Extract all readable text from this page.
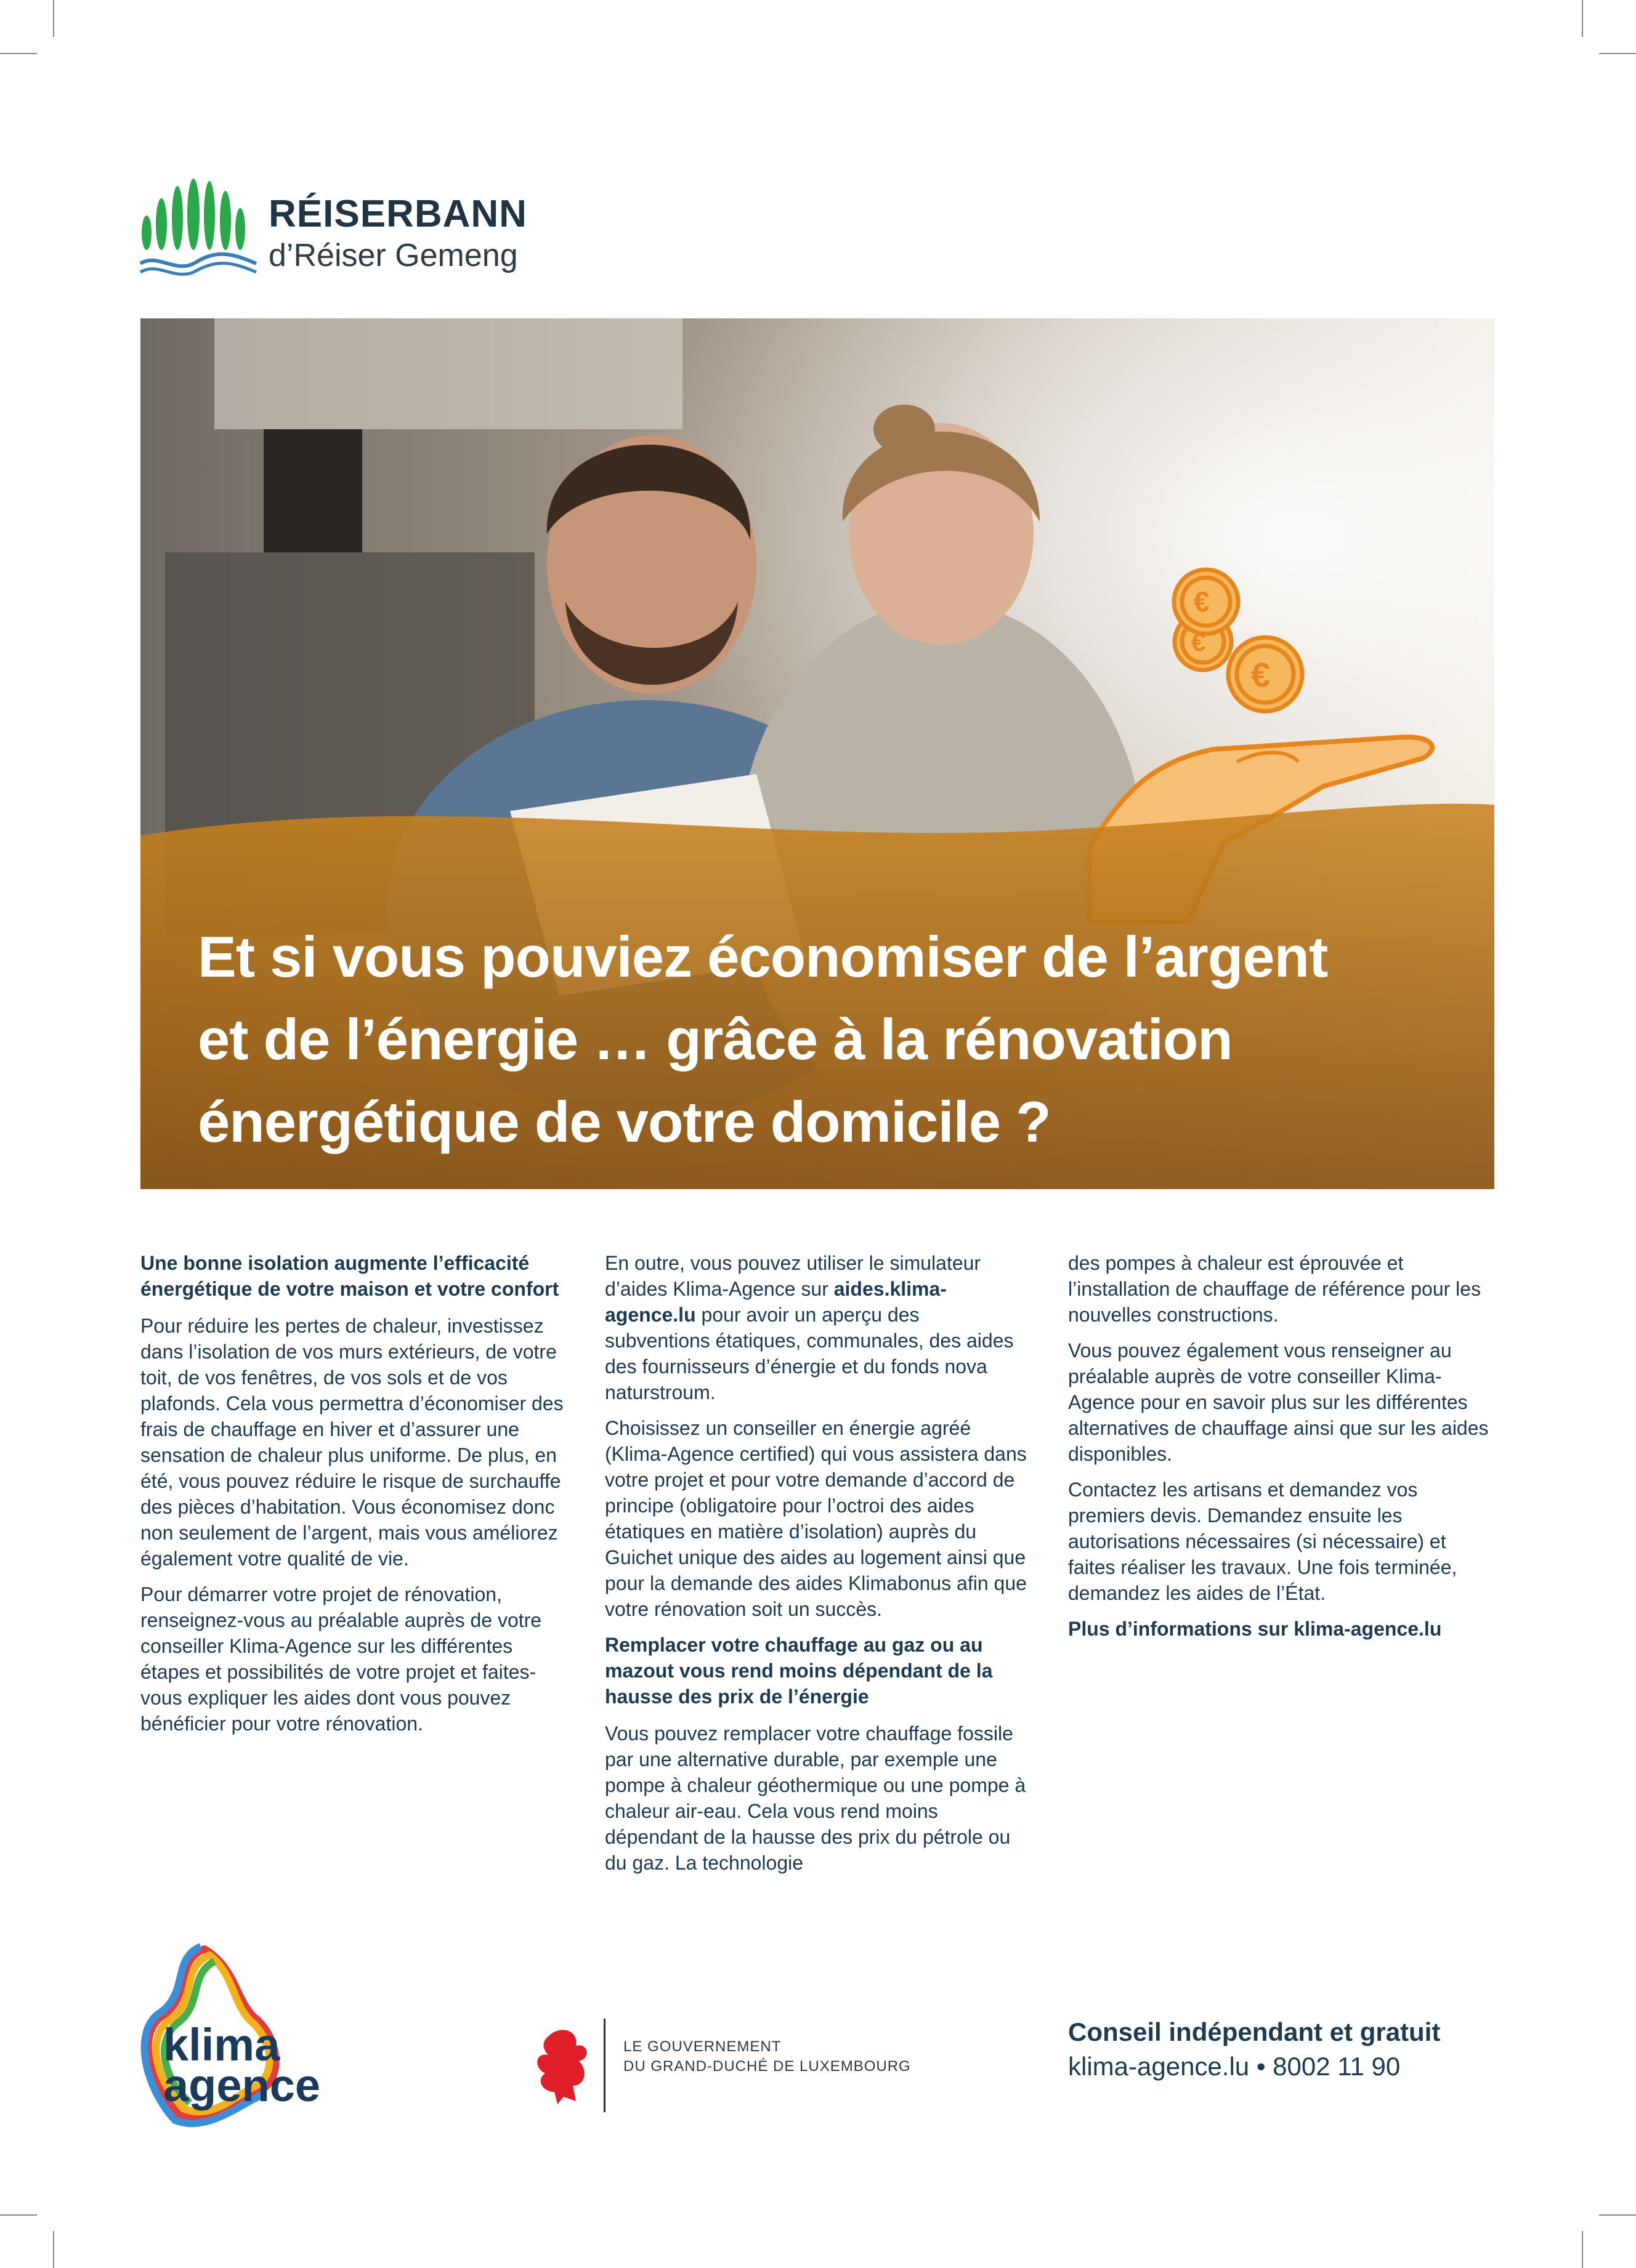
RÉISERBANN
d’Réiser Gemeng
€
€
€
Et si vous pouviez économiser de l’argent
et de l’énergie … grâce à la rénovation
énergétique de votre domicile ?

Une bonne isolation augmente l’efficacité énergétique de votre maison et votre confort

Pour réduire les pertes de chaleur, investissez dans l’isolation de vos murs extérieurs, de votre toit, de vos fenêtres, de vos sols et de vos plafonds. Cela vous permettra d’économiser des frais de chauffage en hiver et d’assurer une sensation de chaleur plus uniforme. De plus, en été, vous pouvez réduire le risque de surchauffe des pièces d’habitation. Vous économisez donc non seulement de l’argent, mais vous améliorez également votre qualité de vie.

Pour démarrer votre projet de rénovation, renseignez-vous au préalable auprès de votre conseiller Klima-Agence sur les différentes étapes et possibilités de votre projet et faites-vous expliquer les aides dont vous pouvez bénéficier pour votre rénovation.

En outre, vous pouvez utiliser le simulateur d’aides Klima-Agence sur aides.klima-agence.lu pour avoir un aperçu des subventions étatiques, communales, des aides des fournisseurs d’énergie et du fonds nova naturstroum.

Choisissez un conseiller en énergie agréé (Klima-Agence certified) qui vous assistera dans votre projet et pour votre demande d’accord de principe (obligatoire pour l’octroi des aides étatiques en matière d’isolation) auprès du Guichet unique des aides au logement ainsi que pour la demande des aides Klimabonus afin que votre rénovation soit un succès.

Remplacer votre chauffage au gaz ou au mazout vous rend moins dépendant de la hausse des prix de l’énergie

Vous pouvez remplacer votre chauffage fossile par une alternative durable, par exemple une pompe à chaleur géothermique ou une pompe à chaleur air-eau. Cela vous rend moins dépendant de la hausse des prix du pétrole ou du gaz. La technologie

des pompes à chaleur est éprouvée et l’installation de chauffage de référence pour les nouvelles constructions.

Vous pouvez également vous renseigner au préalable auprès de votre conseiller Klima-Agence pour en savoir plus sur les différentes alternatives de chauffage ainsi que sur les aides disponibles.

Contactez les artisans et demandez vos premiers devis. Demandez ensuite les autorisations nécessaires (si nécessaire) et faites réaliser les travaux. Une fois terminée, demandez les aides de l’État.

Plus d’informations sur klima-agence.lu

klima
agence
LE GOUVERNEMENT
DU GRAND-DUCHÉ DE LUXEMBOURG
Conseil indépendant et gratuit
klima-agence.lu • 8002 11 90
